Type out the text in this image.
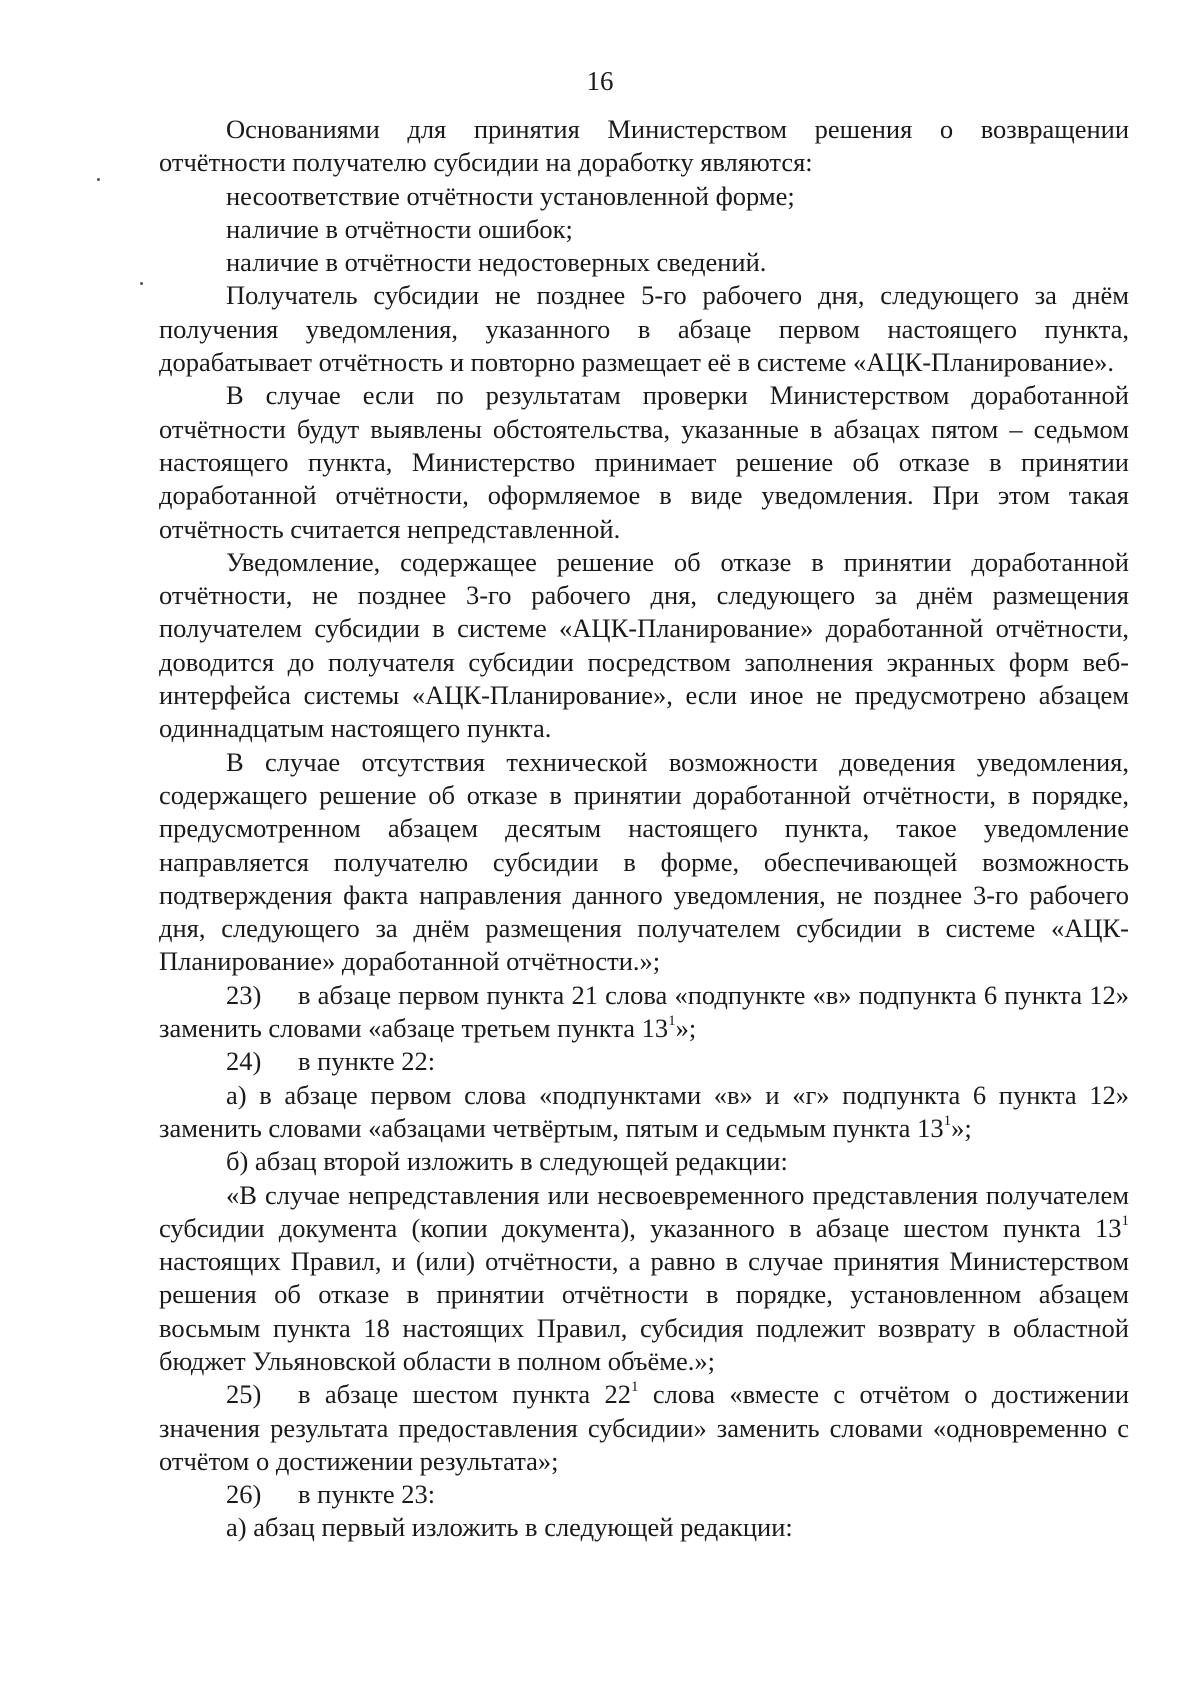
16

Основаниями для принятия Министерством решения о возвращении отчётности получателю субсидии на доработку являются:

несоответствие отчётности установленной форме;

наличие в отчётности ошибок;

наличие в отчётности недостоверных сведений.

Получатель субсидии не позднее 5-го рабочего дня, следующего за днём получения уведомления, указанного в абзаце первом настоящего пункта, дорабатывает отчётность и повторно размещает её в системе «АЦК-Планирование».

В случае если по результатам проверки Министерством доработанной отчётности будут выявлены обстоятельства, указанные в абзацах пятом – седьмом настоящего пункта, Министерство принимает решение об отказе в принятии доработанной отчётности, оформляемое в виде уведомления. При этом такая отчётность считается непредставленной.

Уведомление, содержащее решение об отказе в принятии доработанной отчётности, не позднее 3-го рабочего дня, следующего за днём размещения получателем субсидии в системе «АЦК-Планирование» доработанной отчётности, доводится до получателя субсидии посредством заполнения экранных форм веб-интерфейса системы «АЦК-Планирование», если иное не предусмотрено абзацем одиннадцатым настоящего пункта.

В случае отсутствия технической возможности доведения уведомления, содержащего решение об отказе в принятии доработанной отчётности, в порядке, предусмотренном абзацем десятым настоящего пункта, такое уведомление направляется получателю субсидии в форме, обеспечивающей возможность подтверждения факта направления данного уведомления, не позднее 3-го рабочего дня, следующего за днём размещения получателем субсидии в системе «АЦК-Планирование» доработанной отчётности.»;

23) в абзаце первом пункта 21 слова «подпункте «в» подпункта 6 пункта 12» заменить словами «абзаце третьем пункта $13^1$»;

24) в пункте 22:

а) в абзаце первом слова «подпунктами «в» и «г» подпункта 6 пункта 12» заменить словами «абзацами четвёртым, пятым и седьмым пункта $13^1$»;

б) абзац второй изложить в следующей редакции:

«В случае непредставления или несвоевременного представления получателем субсидии документа (копии документа), указанного в абзаце шестом пункта $13^1$ настоящих Правил, и (или) отчётности, а равно в случае принятия Министерством решения об отказе в принятии отчётности в порядке, установленном абзацем восьмым пункта 18 настоящих Правил, субсидия подлежит возврату в областной бюджет Ульяновской области в полном объёме.»;

25) в абзаце шестом пункта $22^1$ слова «вместе с отчётом о достижении значения результата предоставления субсидии» заменить словами «одновременно с отчётом о достижении результата»;

26) в пункте 23:

а) абзац первый изложить в следующей редакции:
